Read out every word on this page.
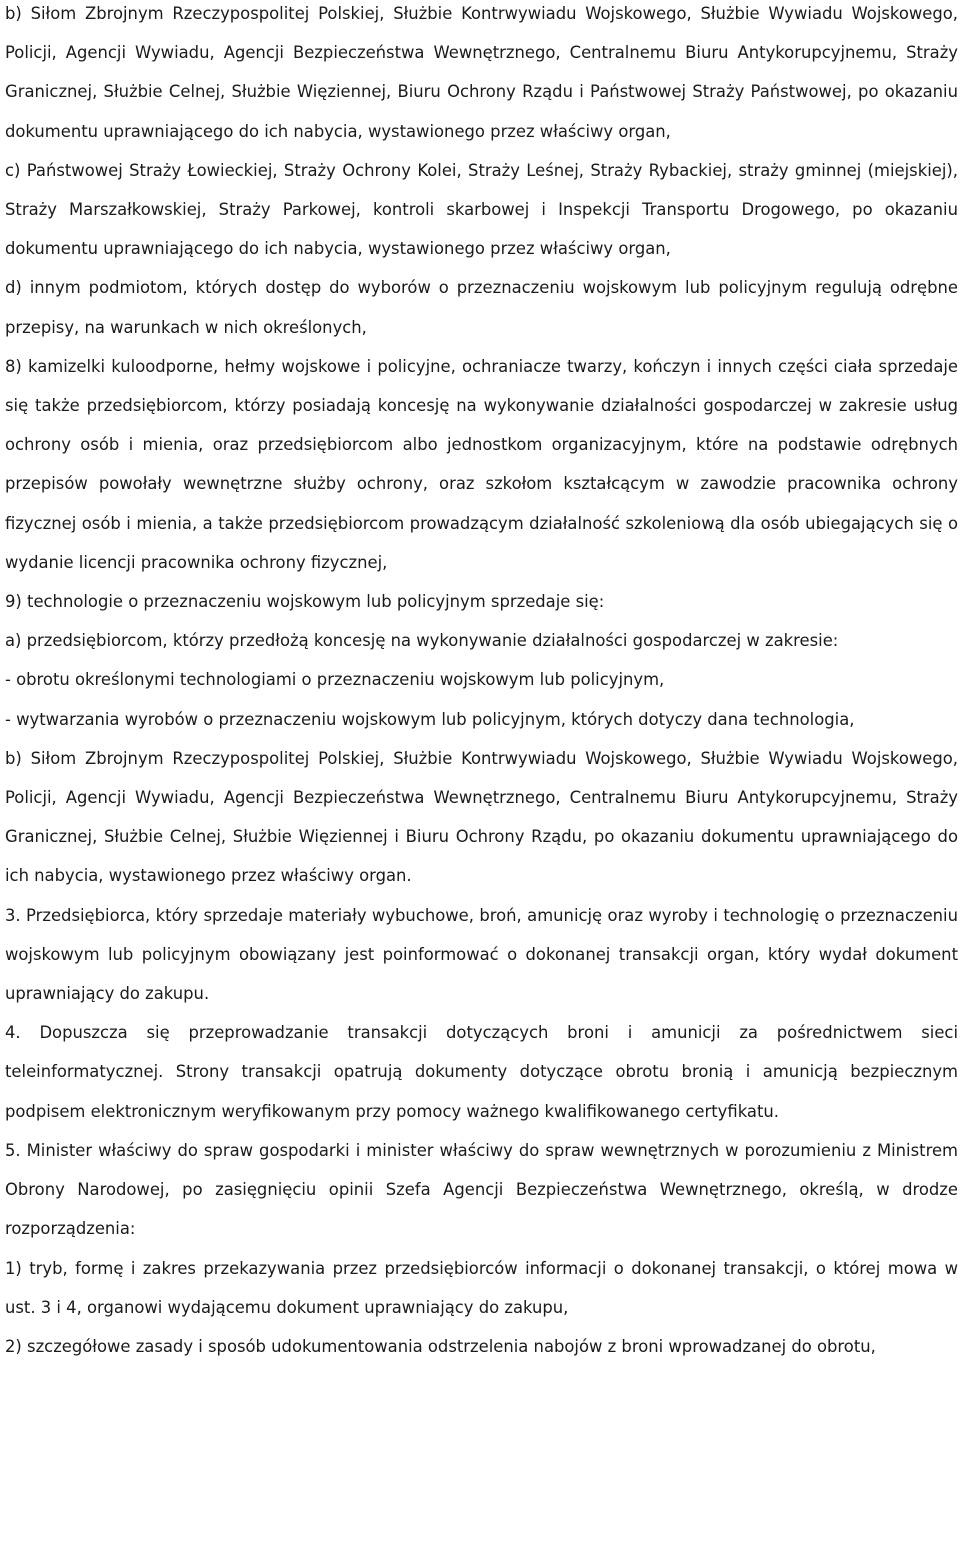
b) Siłom Zbrojnym Rzeczypospolitej Polskiej, Służbie Kontrwywiadu Wojskowego, Służbie Wywiadu Wojskowego, Policji, Agencji Wywiadu, Agencji Bezpieczeństwa Wewnętrznego, Centralnemu Biuru Antykorupcyjnemu, Straży Granicznej, Służbie Celnej, Służbie Więziennej, Biuru Ochrony Rządu i Państwowej Straży Państwowej, po okazaniu dokumentu uprawniającego do ich nabycia, wystawionego przez właściwy organ,

c) Państwowej Straży Łowieckiej, Straży Ochrony Kolei, Straży Leśnej, Straży Rybackiej, straży gminnej (miejskiej), Straży Marszałkowskiej, Straży Parkowej, kontroli skarbowej i Inspekcji Transportu Drogowego, po okazaniu dokumentu uprawniającego do ich nabycia, wystawionego przez właściwy organ,

d) innym podmiotom, których dostęp do wyborów o przeznaczeniu wojskowym lub policyjnym regulują odrębne przepisy, na warunkach w nich określonych,

8) kamizelki kuloodporne, hełmy wojskowe i policyjne, ochraniacze twarzy, kończyn i innych części ciała sprzedaje się także przedsiębiorcom, którzy posiadają koncesję na wykonywanie działalności gospodarczej w zakresie usług ochrony osób i mienia, oraz przedsiębiorcom albo jednostkom organizacyjnym, które na podstawie odrębnych przepisów powołały wewnętrzne służby ochrony, oraz szkołom kształcącym w zawodzie pracownika ochrony fizycznej osób i mienia, a także przedsiębiorcom prowadzącym działalność szkoleniową dla osób ubiegających się o wydanie licencji pracownika ochrony fizycznej,

9) technologie o przeznaczeniu wojskowym lub policyjnym sprzedaje się:

a) przedsiębiorcom, którzy przedłożą koncesję na wykonywanie działalności gospodarczej w zakresie:

- obrotu określonymi technologiami o przeznaczeniu wojskowym lub policyjnym,

- wytwarzania wyrobów o przeznaczeniu wojskowym lub policyjnym, których dotyczy dana technologia,

b) Siłom Zbrojnym Rzeczypospolitej Polskiej, Służbie Kontrwywiadu Wojskowego, Służbie Wywiadu Wojskowego, Policji, Agencji Wywiadu, Agencji Bezpieczeństwa Wewnętrznego, Centralnemu Biuru Antykorupcyjnemu, Straży Granicznej, Służbie Celnej, Służbie Więziennej i Biuru Ochrony Rządu, po okazaniu dokumentu uprawniającego do ich nabycia, wystawionego przez właściwy organ.

3. Przedsiębiorca, który sprzedaje materiały wybuchowe, broń, amunicję oraz wyroby i technologię o przeznaczeniu wojskowym lub policyjnym obowiązany jest poinformować o dokonanej transakcji organ, który wydał dokument uprawniający do zakupu.

4. Dopuszcza się przeprowadzanie transakcji dotyczących broni i amunicji za pośrednictwem sieci teleinformatycznej. Strony transakcji opatrują dokumenty dotyczące obrotu bronią i amunicją bezpiecznym podpisem elektronicznym weryfikowanym przy pomocy ważnego kwalifikowanego certyfikatu.

5. Minister właściwy do spraw gospodarki i minister właściwy do spraw wewnętrznych w porozumieniu z Ministrem Obrony Narodowej, po zasięgnięciu opinii Szefa Agencji Bezpieczeństwa Wewnętrznego, określą, w drodze rozporządzenia:

1) tryb, formę i zakres przekazywania przez przedsiębiorców informacji o dokonanej transakcji, o której mowa w ust. 3 i 4, organowi wydającemu dokument uprawniający do zakupu,

2) szczegółowe zasady i sposób udokumentowania odstrzelenia nabojów z broni wprowadzanej do obrotu,
